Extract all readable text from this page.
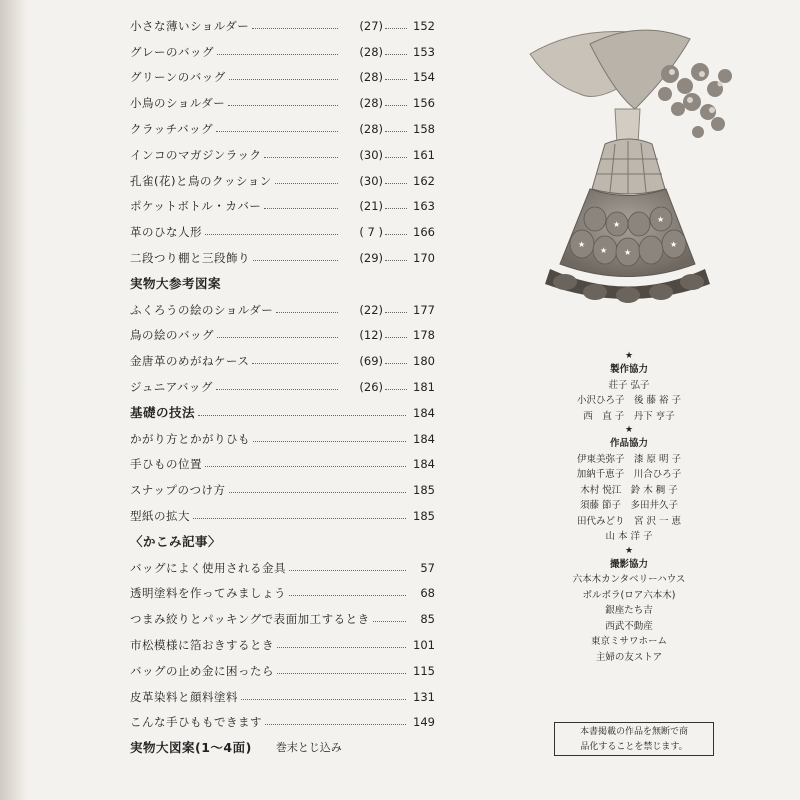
小さな薄いショルダー	(27)	152
グレーのバッグ	(28)	153
グリーンのバッグ	(28)	154
小鳥のショルダー	(28)	156
クラッチバッグ	(28)	158
インコのマガジンラック	(30)	161
孔雀(花)と鳥のクッション	(30)	162
ポケットボトル・カバー	(21)	163
革のひな人形	( 7 )	166
二段つり棚と三段飾り	(29)	170
実物大参考図案
ふくろうの絵のショルダー	(22)	177
鳥の絵のバッグ	(12)	178
金唐革のめがねケース	(69)	180
ジュニアバッグ	(26)	181
基礎の技法	184
かがり方とかがりひも	184
手ひもの位置	184
スナップのつけ方	185
型紙の拡大	185
〈かこみ記事〉
バッグによく使用される金具	57
透明塗料を作ってみましょう	68
つまみ絞りとパッキングで表面加工するとき	85
市松模様に箔おきするとき	101
バッグの止め金に困ったら	115
皮革染料と顔料塗料	131
こんな手ひももできます	149
実物大図案(1～4面) 巻末とじ込み
★
★
★
★
★
★
★
製作協力
荘子 弘子
小沢ひろ子　後 藤 裕 子
西　直 子　丹下 亨子
★
作品協力
伊東美弥子　漆 原 明 子
加納千恵子　川合ひろ子
木村 悦江　鈴 木 稠 子
須藤 節子　多田井久子
田代みどり　宮 沢 一 恵
山 本 洋 子
★
撮影協力
六本木カンタベリーハウス
ボルボラ(ロア六本木)
銀座たち吉
西武不動産
東京ミサワホーム
主婦の友ストア
本書掲載の作品を無断で商
品化することを禁じます。
